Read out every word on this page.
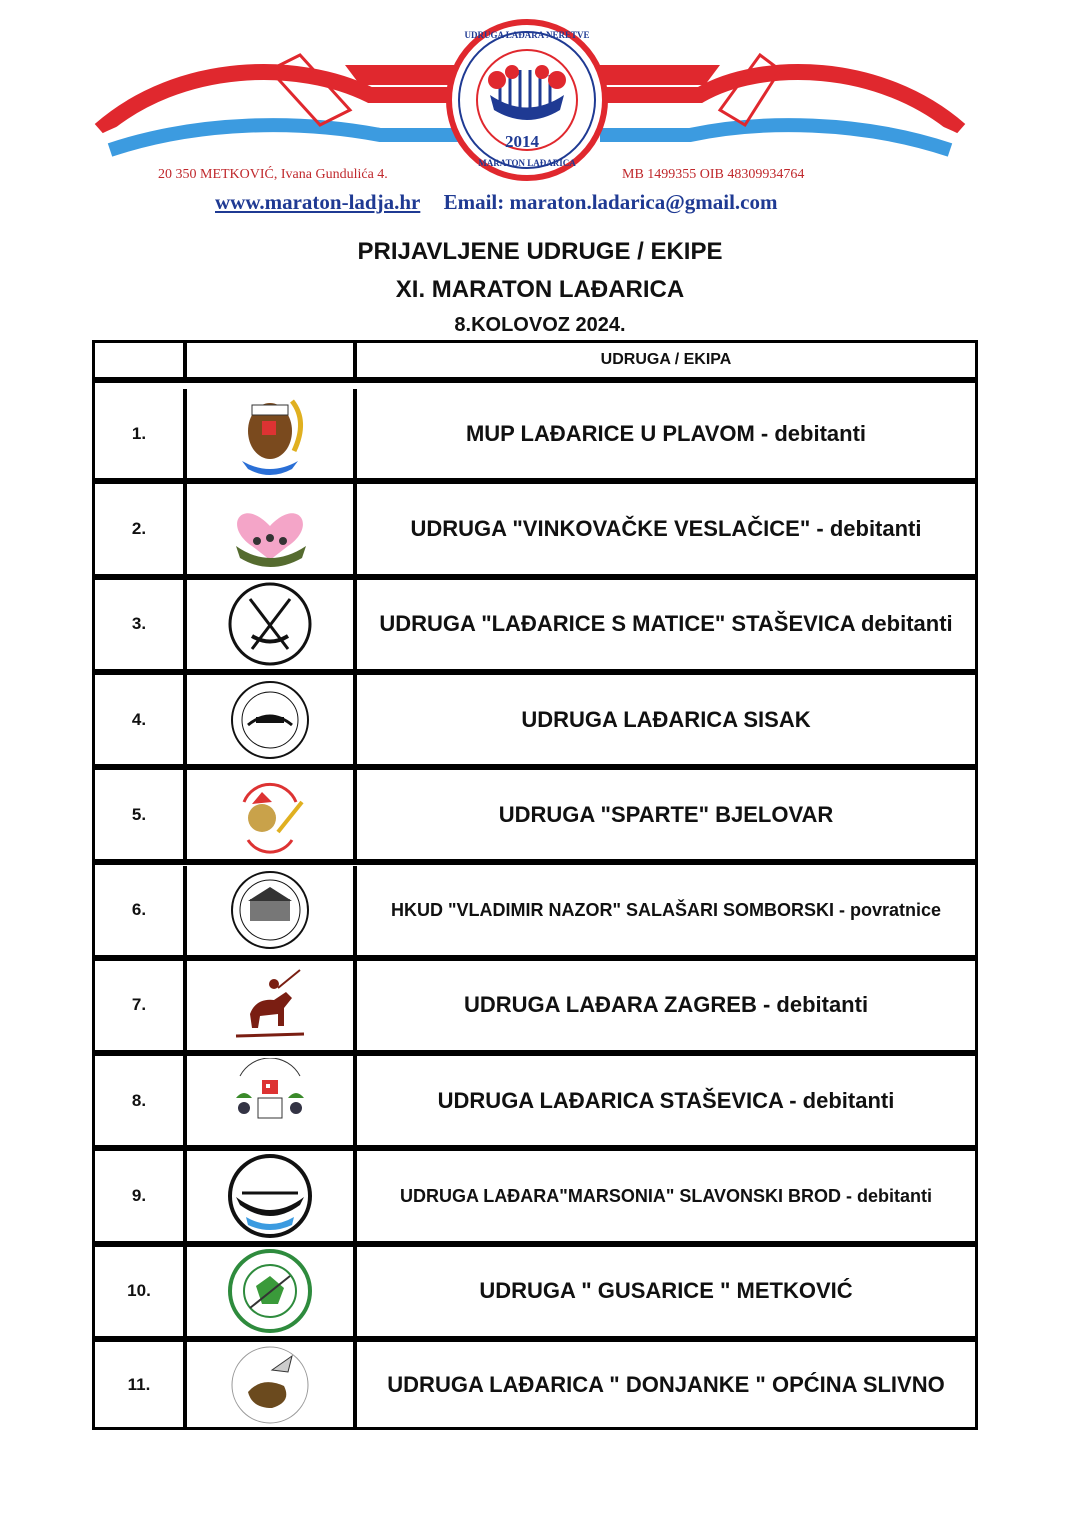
2014
UDRUGA LAĐARA NERETVE
MARATON LAĐARICA
20 350 METKOVIĆ, Ivana Gundulića 4.	MB 1499355 OIB 48309934764
www.maraton-ladja.hr Email: maraton.ladarica@gmail.com
PRIJAVLJENE UDRUGE / EKIPE
XI. MARATON LAĐARICA
8.KOLOVOZ 2024.
UDRUGA / EKIPA
1.	MUP LAĐARICE U PLAVOM - debitanti
2.	UDRUGA "VINKOVAČKE VESLAČICE" - debitanti
3.	UDRUGA "LAĐARICE S MATICE" STAŠEVICA debitanti
4.	UDRUGA LAĐARICA SISAK
5.	UDRUGA "SPARTE" BJELOVAR
6.	HKUD "VLADIMIR NAZOR" SALAŠARI SOMBORSKI - povratnice
7.	UDRUGA LAĐARA ZAGREB - debitanti
8.	UDRUGA LAĐARICA STAŠEVICA - debitanti
9.	UDRUGA LAĐARA"MARSONIA" SLAVONSKI BROD - debitanti
10.	UDRUGA " GUSARICE " METKOVIĆ
11.	UDRUGA LAĐARICA " DONJANKE " OPĆINA SLIVNO
